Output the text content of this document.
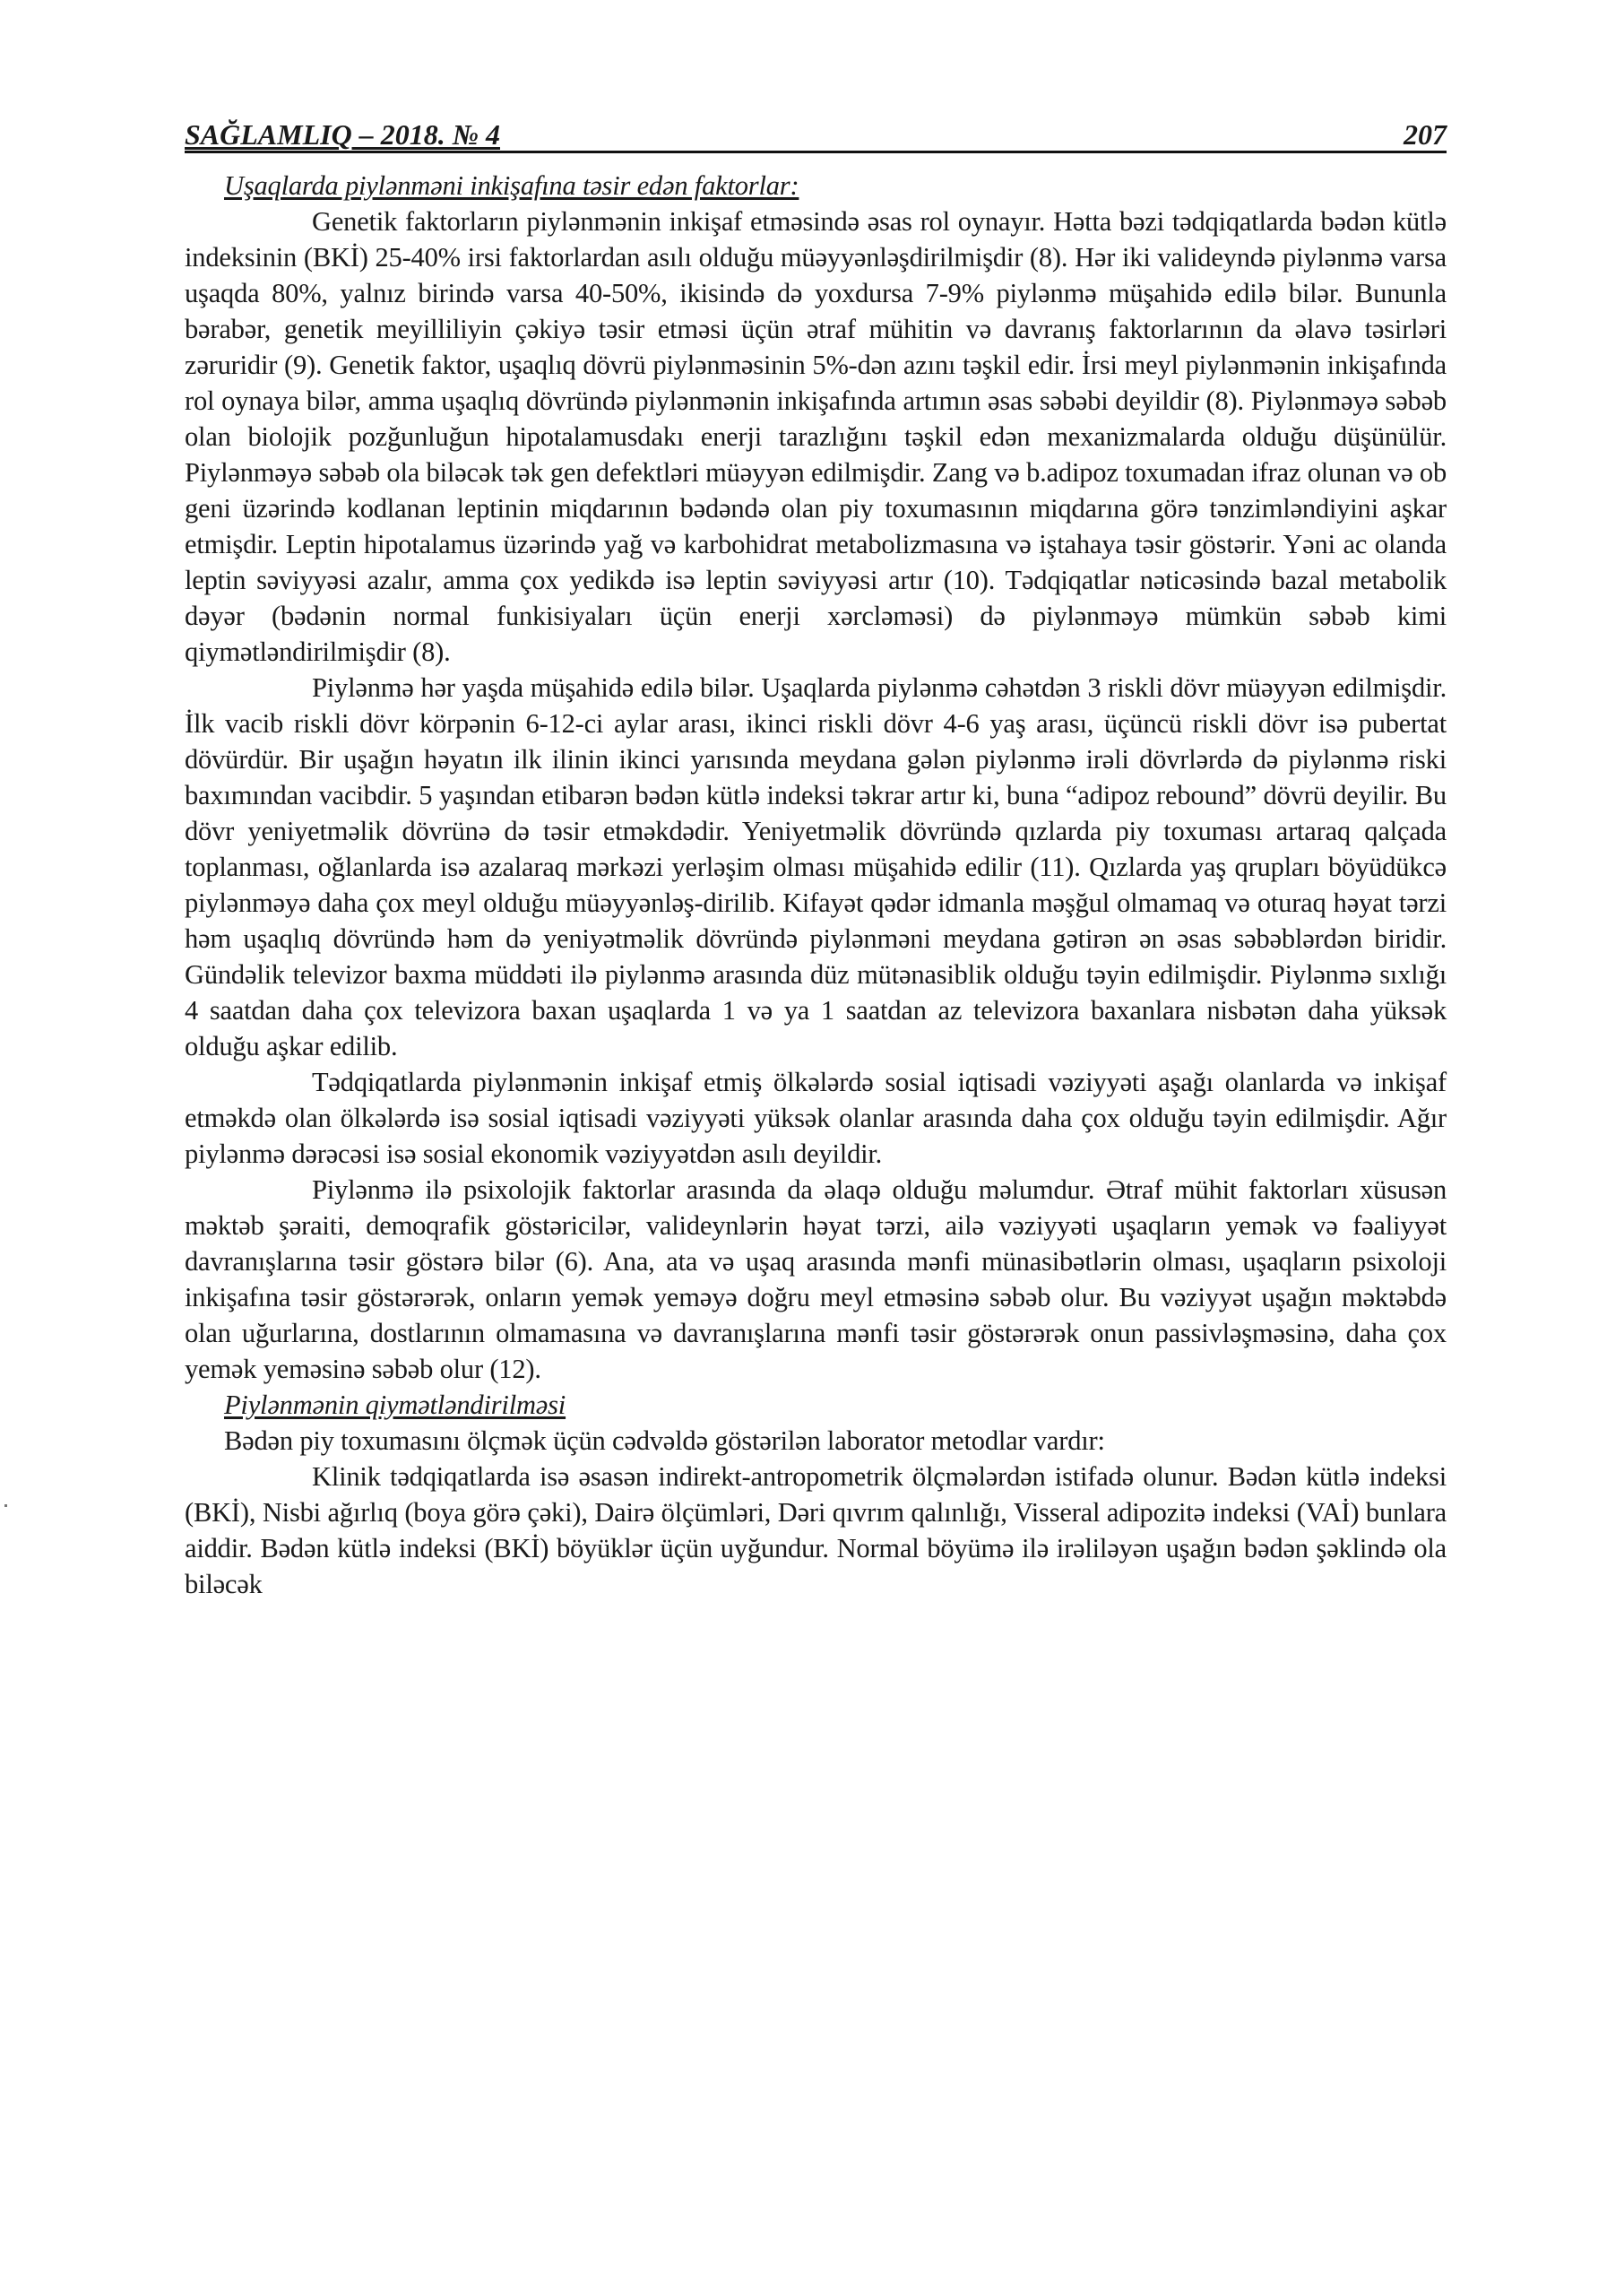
SAĞLAMLIQ – 2018. № 4	207

Uşaqlarda piylənməni inkişafına təsir edən faktorlar:

Genetik faktorların piylənmənin inkişaf etməsində əsas rol oynayır. Hətta bəzi tədqiqatlarda bədən kütlə indeksinin (BKİ) 25-40% irsi faktorlardan asılı olduğu müəyyənləşdirilmişdir (8). Hər iki valideyndə piylənmə varsa uşaqda 80%, yalnız birində varsa 40-50%, ikisində də yoxdursa 7-9% piylənmə müşahidə edilə bilər. Bununla bərabər, genetik meyilliliyin çəkiyə təsir etməsi üçün ətraf mühitin və davranış faktorlarının da əlavə təsirləri zəruridir (9). Genetik faktor, uşaqlıq dövrü piylənməsinin 5%-dən azını təşkil edir. İrsi meyl piylənmənin inkişafında rol oynaya bilər, amma uşaqlıq dövründə piylənmənin inkişafında artımın əsas səbəbi deyildir (8). Piylənməyə səbəb olan biolojik pozğunluğun hipotalamusdakı enerji tarazlığını təşkil edən mexanizmalarda olduğu düşünülür. Piylənməyə səbəb ola biləcək tək gen defektləri müəyyən edilmişdir. Zang və b.adipoz toxumadan ifraz olunan və ob geni üzərində kodlanan leptinin miqdarının bədəndə olan piy toxumasının miqdarına görə tənzimləndiyini aşkar etmişdir. Leptin hipotalamus üzərində yağ və karbohidrat metabolizmasına və iştahaya təsir göstərir. Yəni ac olanda leptin səviyyəsi azalır, amma çox yedikdə isə leptin səviyyəsi artır (10). Tədqiqatlar nəticəsində bazal metabolik dəyər (bədənin normal funkisiyaları üçün enerji xərcləməsi) də piylənməyə mümkün səbəb kimi qiymətləndirilmişdir (8).

Piylənmə hər yaşda müşahidə edilə bilər. Uşaqlarda piylənmə cəhətdən 3 riskli dövr müəyyən edilmişdir. İlk vacib riskli dövr körpənin 6-12-ci aylar arası, ikinci riskli dövr 4-6 yaş arası, üçüncü riskli dövr isə pubertat dövürdür. Bir uşağın həyatın ilk ilinin ikinci yarısında meydana gələn piylənmə irəli dövrlərdə də piylənmə riski baxımından vacibdir. 5 yaşından etibarən bədən kütlə indeksi təkrar artır ki, buna “adipoz rebound” dövrü deyilir. Bu dövr yeniyetməlik dövrünə də təsir etməkdədir. Yeniyetməlik dövründə qızlarda piy toxuması artaraq qalçada toplanması, oğlanlarda isə azalaraq mərkəzi yerləşim olması müşahidə edilir (11). Qızlarda yaş qrupları böyüdükcə piylənməyə daha çox meyl olduğu müəyyənləş-dirilib. Kifayət qədər idmanla məşğul olmamaq və oturaq həyat tərzi həm uşaqlıq dövründə həm də yeniyətməlik dövründə piylənməni meydana gətirən ən əsas səbəblərdən biridir. Gündəlik televizor baxma müddəti ilə piylənmə arasında düz mütənasiblik olduğu təyin edilmişdir. Piylənmə sıxlığı 4 saatdan daha çox televizora baxan uşaqlarda 1 və ya 1 saatdan az televizora baxanlara nisbətən daha yüksək olduğu aşkar edilib.

Tədqiqatlarda piylənmənin inkişaf etmiş ölkələrdə sosial iqtisadi vəziyyəti aşağı olanlarda və inkişaf etməkdə olan ölkələrdə isə sosial iqtisadi vəziyyəti yüksək olanlar arasında daha çox olduğu təyin edilmişdir. Ağır piylənmə dərəcəsi isə sosial ekonomik vəziyyətdən asılı deyildir.

Piylənmə ilə psixolojik faktorlar arasında da əlaqə olduğu məlumdur. Ətraf mühit faktorları xüsusən məktəb şəraiti, demoqrafik göstəricilər, valideynlərin həyat tərzi, ailə vəziyyəti uşaqların yemək və fəaliyyət davranışlarına təsir göstərə bilər (6). Ana, ata və uşaq arasında mənfi münasibətlərin olması, uşaqların psixoloji inkişafına təsir göstərərək, onların yemək yeməyə doğru meyl etməsinə səbəb olur. Bu vəziyyət uşağın məktəbdə olan uğurlarına, dostlarının olmamasına və davranışlarına mənfi təsir göstərərək onun passivləşməsinə, daha çox yemək yeməsinə səbəb olur (12).

Piylənmənin qiymətləndirilməsi

Bədən piy toxumasını ölçmək üçün cədvəldə göstərilən laborator metodlar vardır:

Klinik tədqiqatlarda isə əsasən indirekt-antropometrik ölçmələrdən istifadə olunur. Bədən kütlə indeksi (BKİ), Nisbi ağırlıq (boya görə çəki), Dairə ölçümləri, Dəri qıvrım qalınlığı, Visseral adipozitə indeksi (VAİ) bunlara aiddir. Bədən kütlə indeksi (BKİ) böyüklər üçün uyğundur. Normal böyümə ilə irəliləyən uşağın bədən şəklində ola biləcək
